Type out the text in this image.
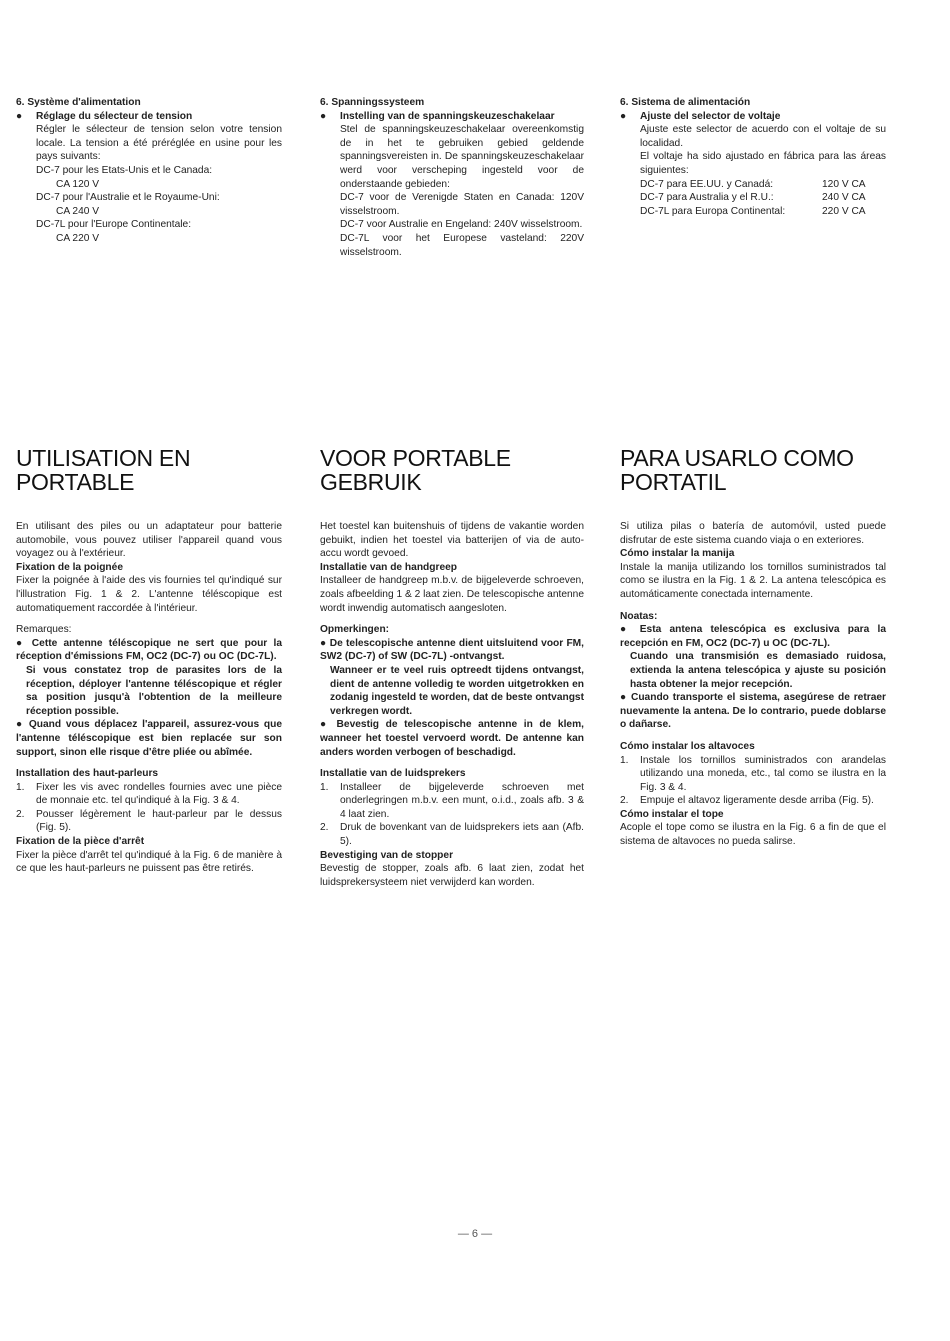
6. Système d'alimentation

● Réglage du sélecteur de tension

Régler le sélecteur de tension selon votre tension locale. La tension a été préréglée en usine pour les pays suivants:

DC-7 pour les Etats-Unis et le Canada:

CA 120 V

DC-7 pour l'Australie et le Royaume-Uni:

CA 240 V

DC-7L pour l'Europe Continentale:

CA 220 V

6. Spanningssysteem

● Instelling van de spanningskeuzeschakelaar

Stel de spanningskeuzeschakelaar overeenkomstig de in het te gebruiken gebied geldende spanningsvereisten in. De spanningskeuzeschakelaar werd voor verscheping ingesteld voor de onderstaande gebieden:

DC-7 voor de Verenigde Staten en Canada: 120V visselstroom.

DC-7 voor Australie en Engeland: 240V wisselstroom.

DC-7L voor het Europese vasteland: 220V wisselstroom.

6. Sistema de alimentación

● Ajuste del selector de voltaje

Ajuste este selector de acuerdo con el voltaje de su localidad.

El voltaje ha sido ajustado en fábrica para las áreas siguientes:

DC-7 para EE.UU. y Canadá:	120 V CA
DC-7 para Australia y el R.U.:	240 V CA
DC-7L para Europa Continental:	220 V CA
UTILISATION EN
PORTABLE

En utilisant des piles ou un adaptateur pour batterie automobile, vous pouvez utiliser l'appareil quand vous voyagez ou à l'extérieur.

Fixation de la poignée

Fixer la poignée à l'aide des vis fournies tel qu'indiqué sur l'illustration Fig. 1 & 2. L'antenne téléscopique est automatiquement raccordée à l'intérieur.

Remarques:

● Cette antenne téléscopique ne sert que pour la réception d'émissions FM, OC2 (DC-7) ou OC (DC-7L).

Si vous constatez trop de parasites lors de la réception, déployer l'antenne téléscopique et régler sa position jusqu'à l'obtention de la meilleure réception possible.

● Quand vous déplacez l'appareil, assurez-vous que l'antenne téléscopique est bien replacée sur son support, sinon elle risque d'être pliée ou abîmée.

Installation des haut-parleurs

1.	Fixer les vis avec rondelles fournies avec une pièce de monnaie etc. tel qu'indiqué à la Fig. 3 & 4.
2.	Pousser légèrement le haut-parleur par le dessus (Fig. 5).

Fixation de la pièce d'arrêt

Fixer la pièce d'arrêt tel qu'indiqué à la Fig. 6 de manière à ce que les haut-parleurs ne puissent pas être retirés.

VOOR PORTABLE
GEBRUIK

Het toestel kan buitenshuis of tijdens de vakantie worden gebuikt, indien het toestel via batterijen of via de auto-accu wordt gevoed.

Installatie van de handgreep

Installeer de handgreep m.b.v. de bijgeleverde schroeven, zoals afbeelding 1 & 2 laat zien. De telescopische antenne wordt inwendig automatisch aangesloten.

Opmerkingen:

● De telescopische antenne dient uitsluitend voor FM, SW2 (DC-7) of SW (DC-7L) -ontvangst.

Wanneer er te veel ruis optreedt tijdens ontvangst, dient de antenne volledig te worden uitgetrokken en zodanig ingesteld te worden, dat de beste ontvangst verkregen wordt.

● Bevestig de telescopische antenne in de klem, wanneer het toestel vervoerd wordt. De antenne kan anders worden verbogen of beschadigd.

Installatie van de luidsprekers

1.	Installeer de bijgeleverde schroeven met onderlegringen m.b.v. een munt, o.i.d., zoals afb. 3 & 4 laat zien.
2.	Druk de bovenkant van de luidsprekers iets aan (Afb. 5).

Bevestiging van de stopper

Bevestig de stopper, zoals afb. 6 laat zien, zodat het luidsprekersysteem niet verwijderd kan worden.

PARA USARLO COMO
PORTATIL

Si utiliza pilas o batería de automóvil, usted puede disfrutar de este sistema cuando viaja o en exteriores.

Cómo instalar la manija

Instale la manija utilizando los tornillos suministrados tal como se ilustra en la Fig. 1 & 2. La antena telescópica es automáticamente conectada internamente.

Noatas:

● Esta antena telescópica es exclusiva para la recepción en FM, OC2 (DC-7) u OC (DC-7L).

Cuando una transmisión es demasiado ruidosa, extienda la antena telescópica y ajuste su posición hasta obtener la mejor recepción.

● Cuando transporte el sistema, asegúrese de retraer nuevamente la antena. De lo contrario, puede doblarse o dañarse.

Cómo instalar los altavoces

1.	Instale los tornillos suministrados con arandelas utilizando una moneda, etc., tal como se ilustra en la Fig. 3 & 4.
2.	Empuje el altavoz ligeramente desde arriba (Fig. 5).

Cómo instalar el tope

Acople el tope como se ilustra en la Fig. 6 a fin de que el sistema de altavoces no pueda salirse.

— 6 —
